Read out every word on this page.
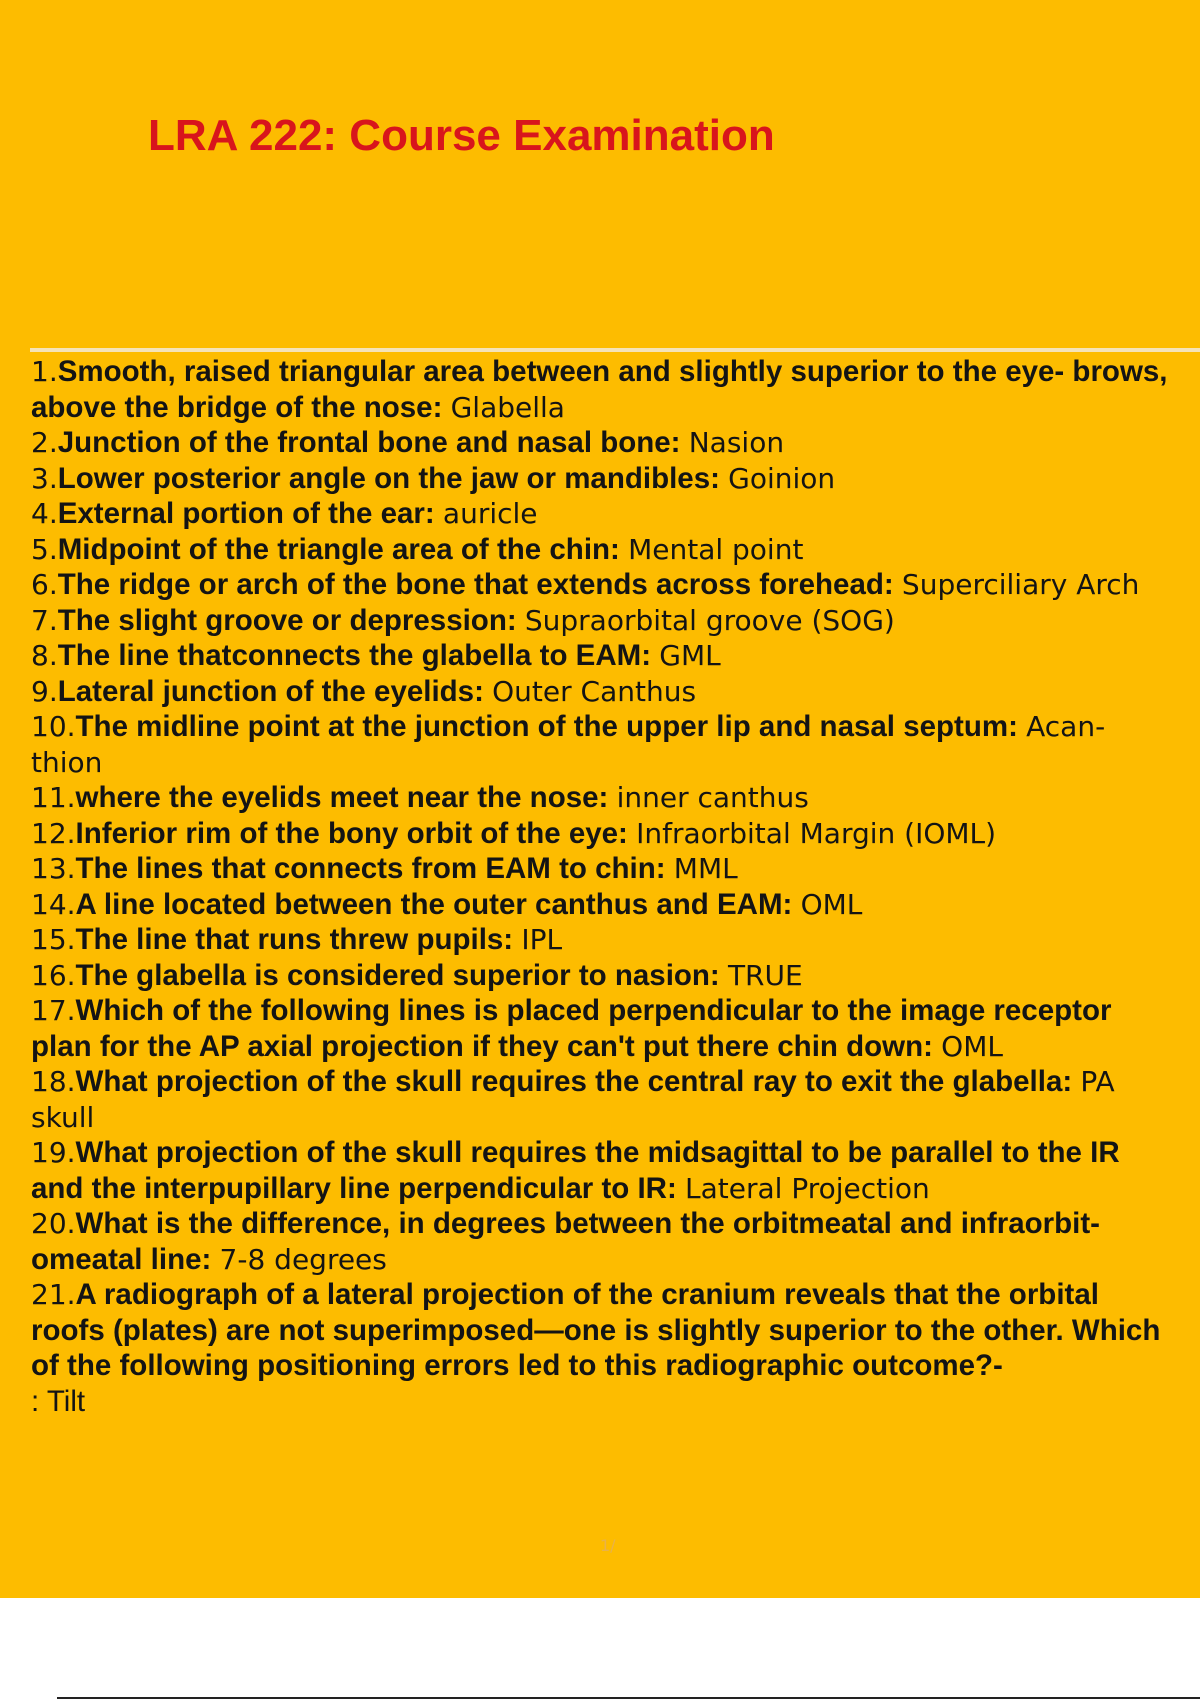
LRA 222: Course Examination
1.Smooth, raised triangular area between and slightly superior to the eye- brows, above the bridge of the nose: Glabella
2.Junction of the frontal bone and nasal bone: Nasion
3.Lower posterior angle on the jaw or mandibles: Goinion
4.External portion of the ear: auricle
5.Midpoint of the triangle area of the chin: Mental point
6.The ridge or arch of the bone that extends across forehead: Superciliary Arch
7.The slight groove or depression: Supraorbital groove (SOG)
8.The line thatconnects the glabella to EAM: GML
9.Lateral junction of the eyelids: Outer Canthus
10.The midline point at the junction of the upper lip and nasal septum: Acan- thion
11.where the eyelids meet near the nose: inner canthus
12.Inferior rim of the bony orbit of the eye: Infraorbital Margin (IOML)
13.The lines that connects from EAM to chin: MML
14.A line located between the outer canthus and EAM: OML
15.The line that runs threw pupils: IPL
16.The glabella is considered superior to nasion: TRUE
17.Which of the following lines is placed perpendicular to the image receptor plan for the AP axial projection if they can't put there chin down: OML
18.What projection of the skull requires the central ray to exit the glabella: PA skull
19.What projection of the skull requires the midsagittal to be parallel to the IR and the interpupillary line perpendicular to IR: Lateral Projection
20.What is the difference, in degrees between the orbitmeatal and infraorbit- omeatal line: 7-8 degrees
21.A radiograph of a lateral projection of the cranium reveals that the orbital roofs (plates) are not superimposed—one is slightly superior to the other. Which of the following positioning errors led to this radiographic outcome?-
: Tilt
1/
